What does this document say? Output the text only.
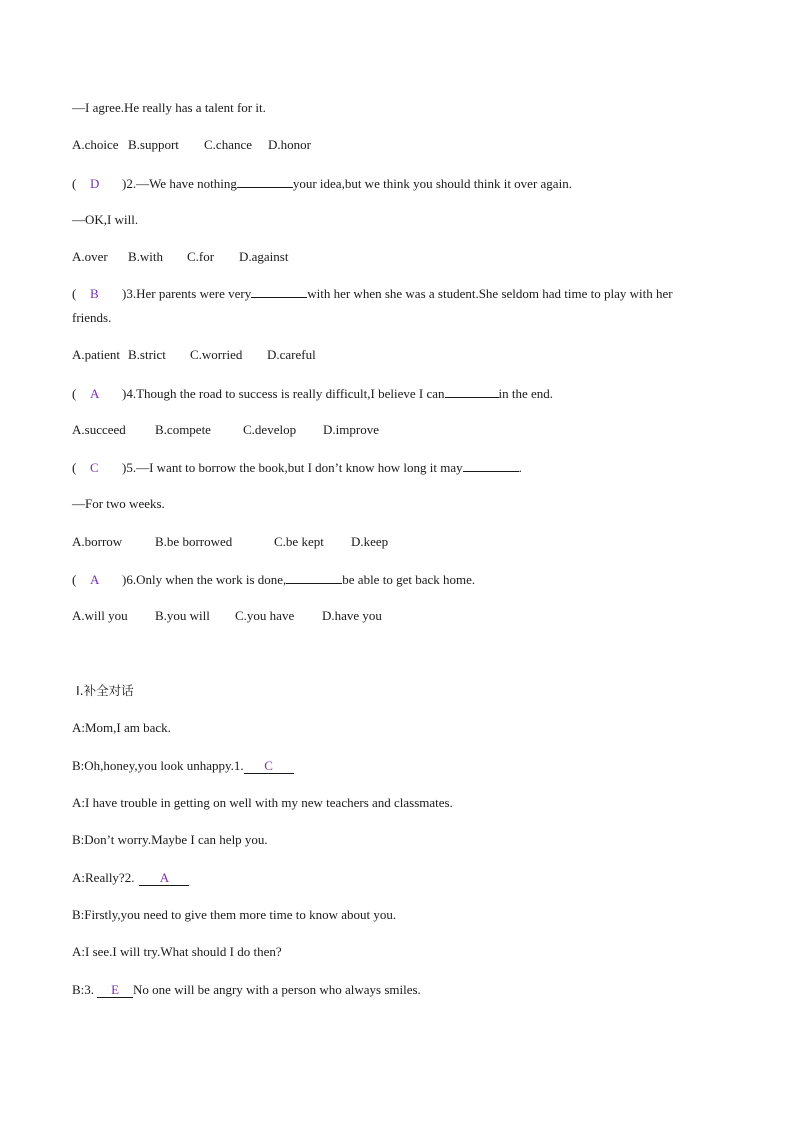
—I agree.He really has a talent for it.
A.choice B.support C.chance D.honor
( D )2.—We have nothing	your idea,but we think you should think it over again.
—OK,I will.
A.over B.with C.for D.against
( B )3.Her parents were very	with her when she was a student.She seldom had time to play with her
friends.
A.patient B.strict C.worried D.careful
( A )4.Though the road to success is really difficult,I believe I can	in the end.
A.succeed B.compete C.develop D.improve
( C )5.—I want to borrow the book,but I don’t know how long it may	.
—For two weeks.
A.borrow	B.be borrowed	C.be kept D.keep
( A )6.Only when the work is done,	be able to get back home.
A.will you B.you will C.you have D.have you
Ⅰ.补全对话
A:Mom,I am back.
B:Oh,honey,you look unhappy.1. C
A:I have trouble in getting on well with my new teachers and classmates.
B:Don’t worry.Maybe I can help you.
A:Really?2. A
B:Firstly,you need to give them more time to know about you.
A:I see.I will try.What should I do then?
B:3. E No one will be angry with a person who always smiles.
